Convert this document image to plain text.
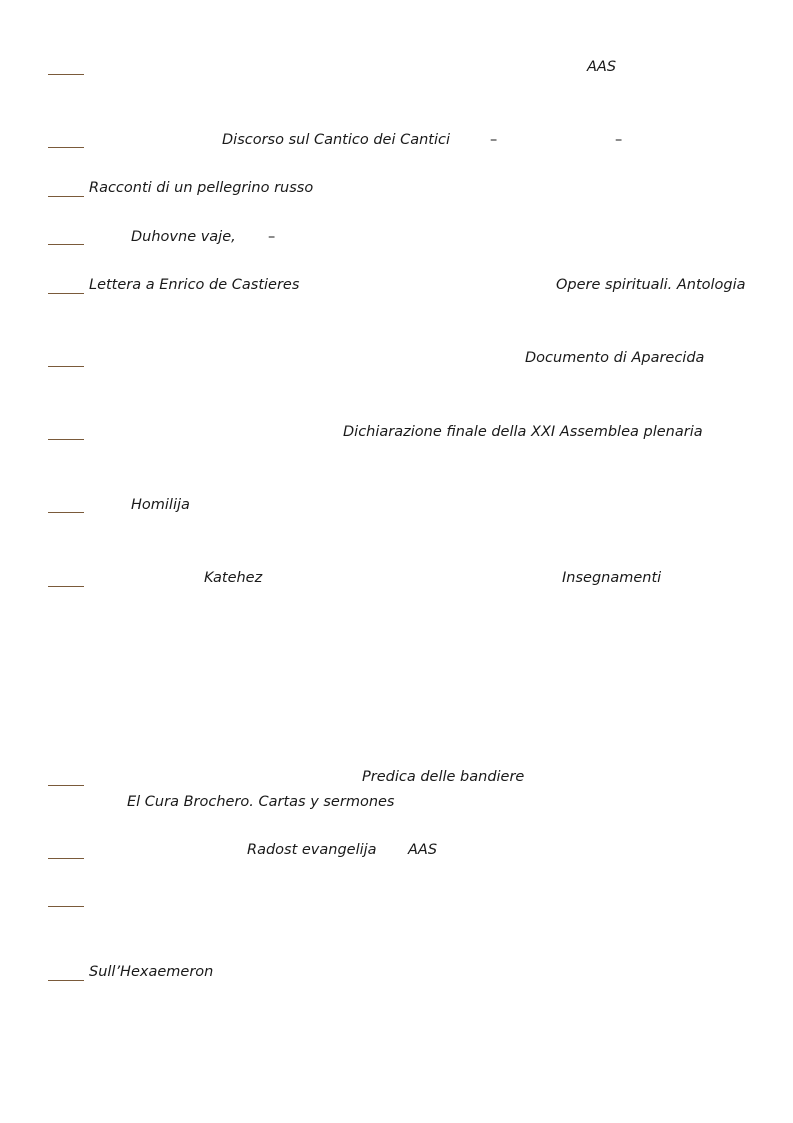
AAS
Discorso sul Cantico dei Cantici	–	–
Racconti di un pellegrino russo
Duhovne vaje, –
Lettera a Enrico de Castieres	Opere spirituali. Antologia
Documento di Aparecida
Dichiarazione finale della XXI Assemblea plenaria
Homilija
Katehez	Insegnamenti
Predica delle bandiere
El Cura Brochero. Cartas y sermones
Radost evangelija AAS
Sull’Hexaemeron
